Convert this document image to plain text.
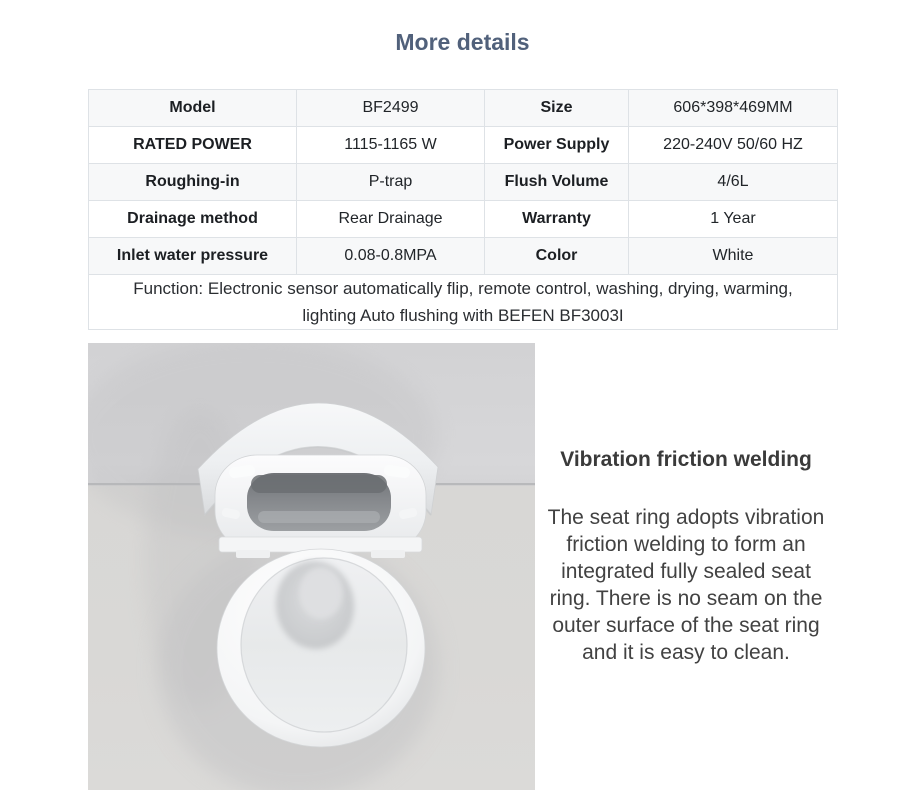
More details
Model	BF2499	Size	606*398*469MM
RATED POWER	1115-1165 W	Power Supply	220-240V 50/60 HZ
Roughing-in	P-trap	Flush Volume	4/6L
Drainage method	Rear Drainage	Warranty	1 Year
Inlet water pressure	0.08-0.8MPA	Color	White

Function: Electronic sensor automatically flip, remote control, washing, drying, warming, lighting Auto flushing with BEFEN BF3003I			
Vibration friction welding

The seat ring adopts vibration friction welding to form an integrated fully sealed seat ring. There is no seam on the outer surface of the seat ring and it is easy to clean.
